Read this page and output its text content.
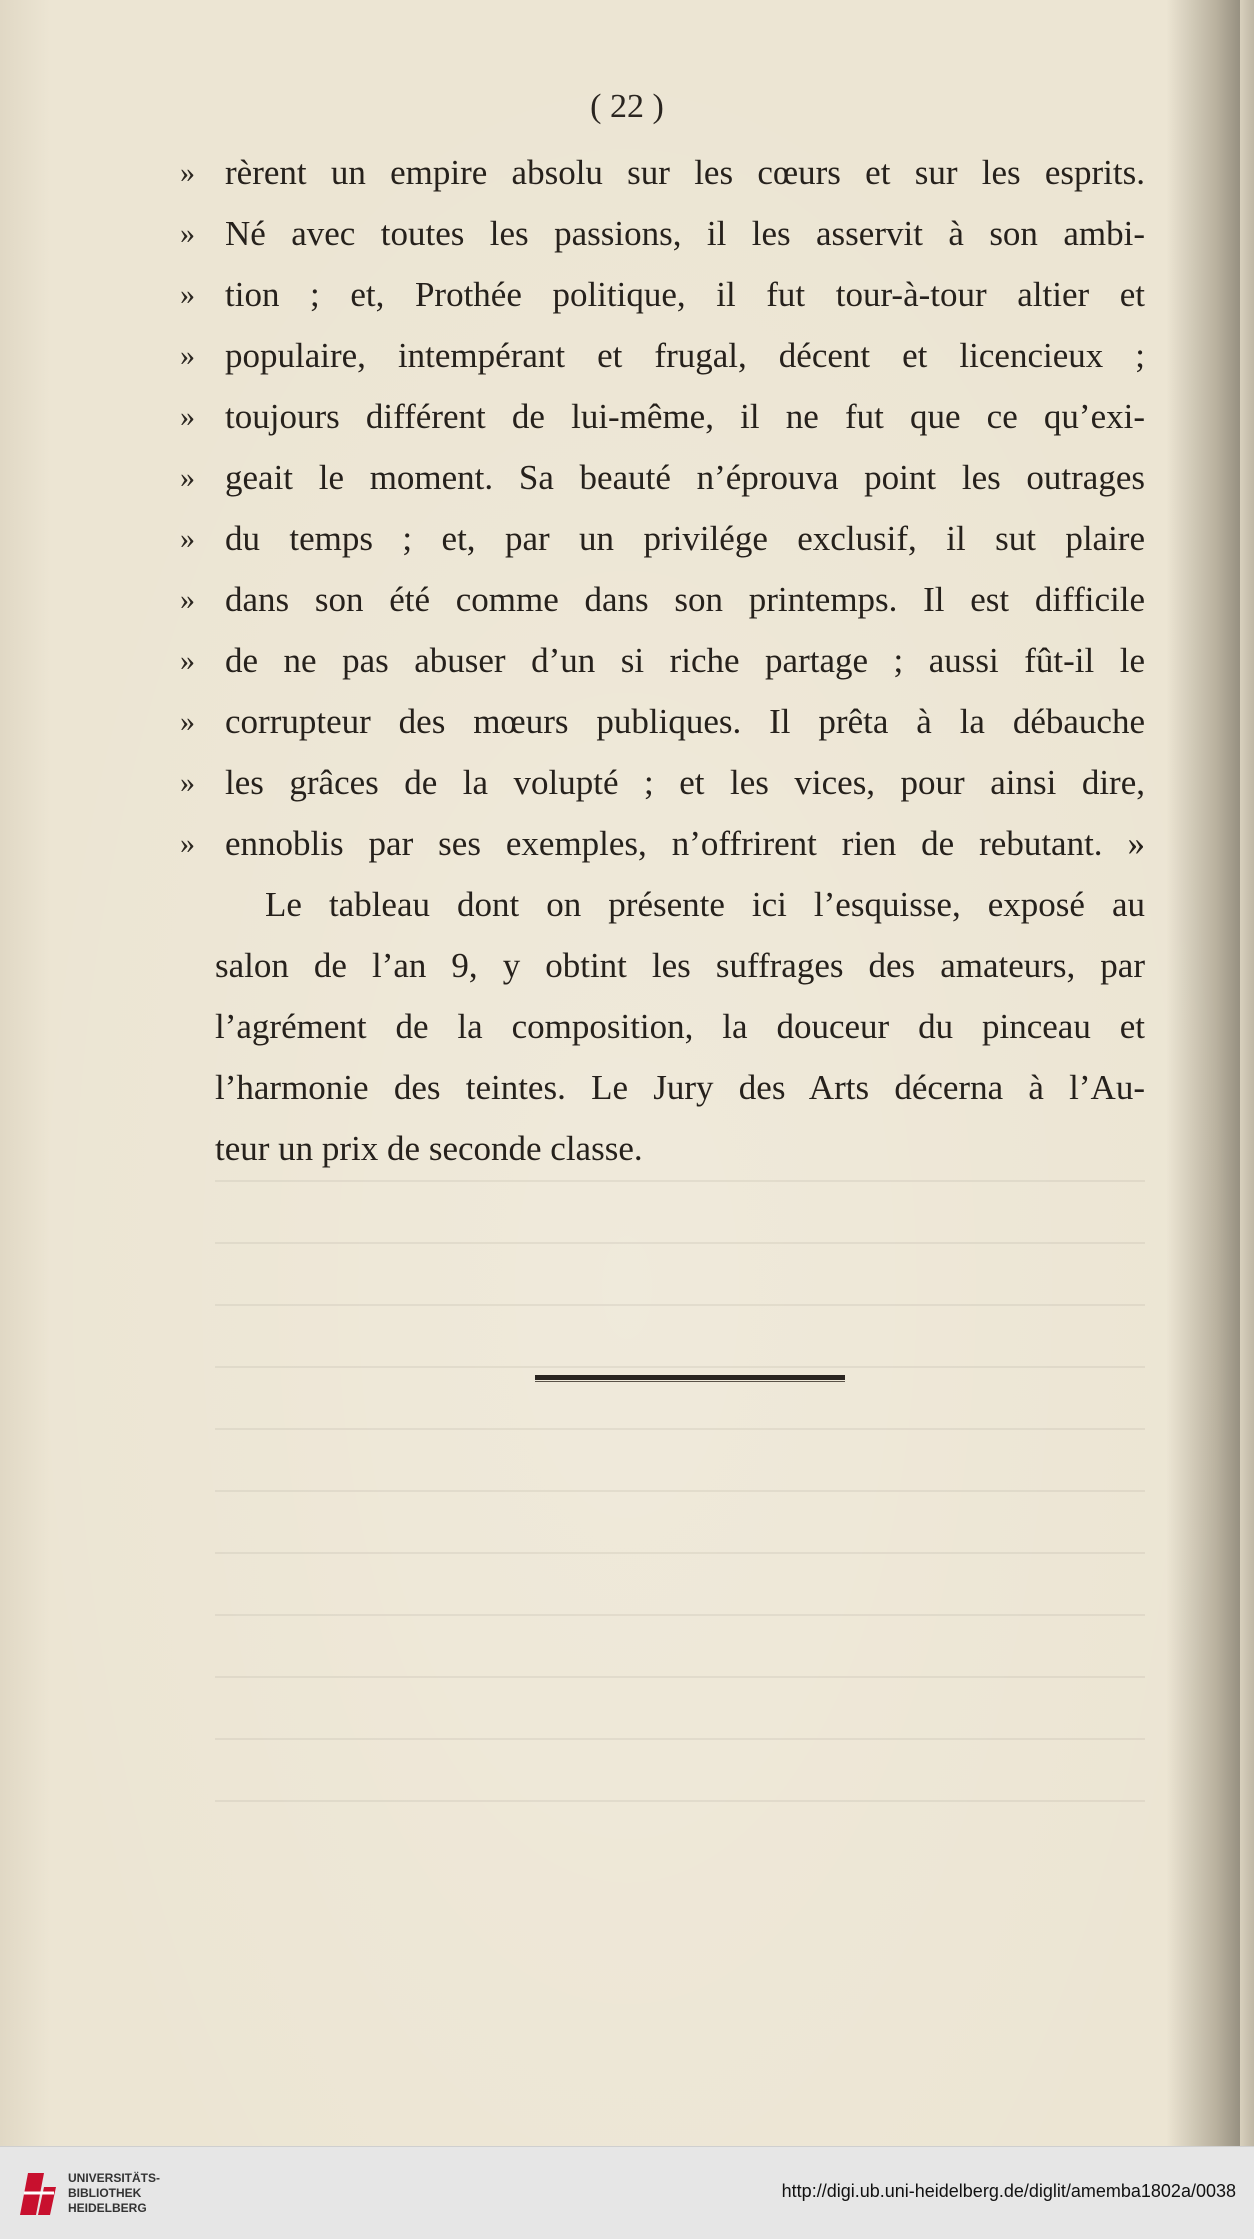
( 22 )
» rèrent un empire absolu sur les cœurs et sur les esprits.
» Né avec toutes les passions, il les asservit à son ambi-
» tion ; et, Prothée politique, il fut tour-à-tour altier et
» populaire, intempérant et frugal, décent et licencieux ;
» toujours différent de lui-même, il ne fut que ce qu’exi-
» geait le moment. Sa beauté n’éprouva point les outrages
» du temps ; et, par un privilége exclusif, il sut plaire
» dans son été comme dans son printemps. Il est difficile
» de ne pas abuser d’un si riche partage ; aussi fût-il le
» corrupteur des mœurs publiques. Il prêta à la débauche
» les grâces de la volupté ; et les vices, pour ainsi dire,
» ennoblis par ses exemples, n’offrirent rien de rebutant. »
Le tableau dont on présente ici l’esquisse, exposé au
salon de l’an 9, y obtint les suffrages des amateurs, par
l’agrément de la composition, la douceur du pinceau et
l’harmonie des teintes. Le Jury des Arts décerna à l’Au-
teur un prix de seconde classe.
UNIVERSITÄTS-
BIBLIOTHEK
HEIDELBERG
http://digi.ub.uni-heidelberg.de/diglit/amemba1802a/0038
